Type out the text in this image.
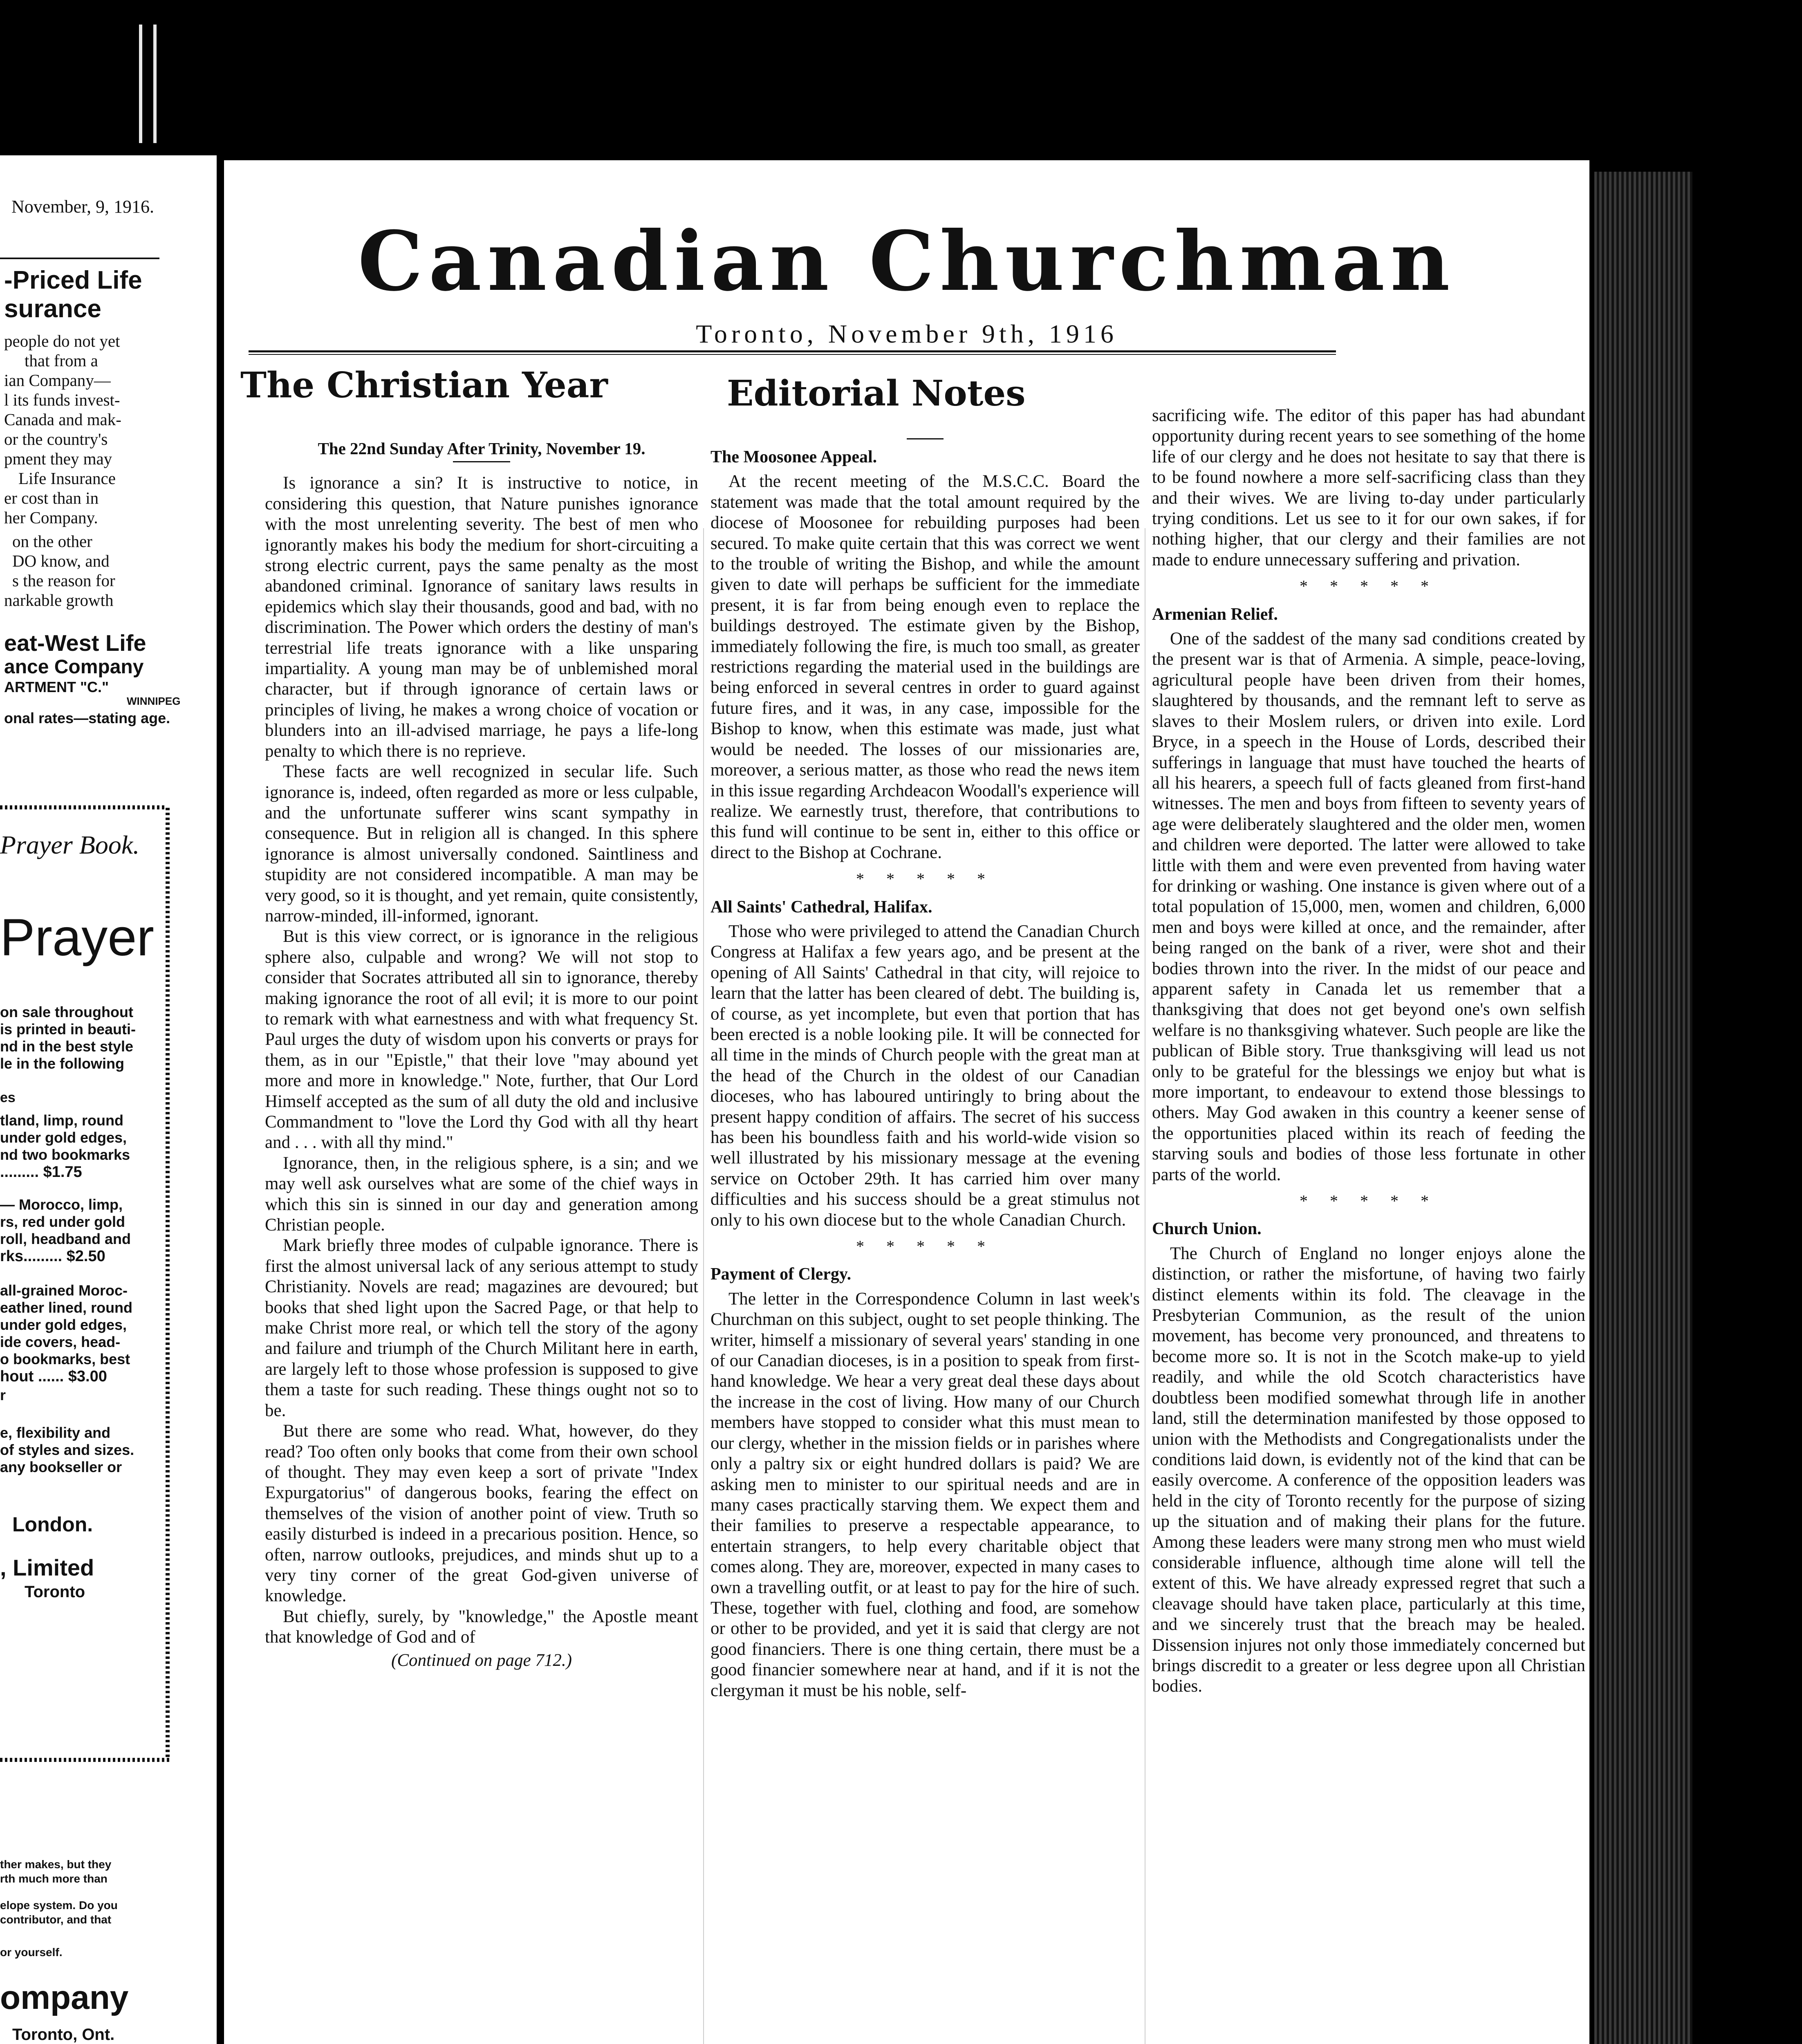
November, 9, 1916.
-Priced Life
surance
people do not yet
that from a
ian Company—
l its funds invest-
Canada and mak-
or the country's
pment they may
Life Insurance
er cost than in
her Company.
on the other
DO know, and
s the reason for
narkable growth
eat-West Life
ance Company
ARTMENT "C."
WINNIPEG
onal rates—stating age.
Prayer Book.
Prayer
on sale throughout
is printed in beauti-
nd in the best style
le in the following
es
tland, limp, round
under gold edges,
nd two bookmarks
......... $1.75
— Morocco, limp,
rs, red under gold
roll, headband and
rks......... $2.50
all-grained Moroc-
eather lined, round
under gold edges,
ide covers, head-
o bookmarks, best
hout ...... $3.00
r
e, flexibility and
of styles and sizes.
any bookseller or
London.
, Limited
Toronto
ther makes, but they
rth much more than
elope system. Do you
contributor, and that
or yourself.
ompany
Toronto, Ont.
Canadian Churchman
Toronto, November 9th, 1916
The Christian Year	Editorial Notes

The 22nd Sunday After Trinity, November 19.

Is ignorance a sin? It is instructive to notice, in considering this question, that Nature punishes ignorance with the most unrelenting severity. The best of men who ignorantly makes his body the medium for short-circuiting a strong electric current, pays the same penalty as the most abandoned criminal. Ignorance of sanitary laws results in epidemics which slay their thousands, good and bad, with no discrimination. The Power which orders the destiny of man's terrestrial life treats ignorance with a like unsparing impartiality. A young man may be of unblemished moral character, but if through ignorance of certain laws or principles of living, he makes a wrong choice of vocation or blunders into an ill-advised marriage, he pays a life-long penalty to which there is no reprieve.

These facts are well recognized in secular life. Such ignorance is, indeed, often regarded as more or less culpable, and the unfortunate sufferer wins scant sympathy in consequence. But in religion all is changed. In this sphere ignorance is almost universally condoned. Saintliness and stupidity are not considered incompatible. A man may be very good, so it is thought, and yet remain, quite consistently, narrow-minded, ill-informed, ignorant.

But is this view correct, or is ignorance in the religious sphere also, culpable and wrong? We will not stop to consider that Socrates attributed all sin to ignorance, thereby making ignorance the root of all evil; it is more to our point to remark with what earnestness and with what frequency St. Paul urges the duty of wisdom upon his converts or prays for them, as in our "Epistle," that their love "may abound yet more and more in knowledge." Note, further, that Our Lord Himself accepted as the sum of all duty the old and inclusive Commandment to "love the Lord thy God with all thy heart and . . . with all thy mind."

Ignorance, then, in the religious sphere, is a sin; and we may well ask ourselves what are some of the chief ways in which this sin is sinned in our day and generation among Christian people.

Mark briefly three modes of culpable ignorance. There is first the almost universal lack of any serious attempt to study Christianity. Novels are read; magazines are devoured; but books that shed light upon the Sacred Page, or that help to make Christ more real, or which tell the story of the agony and failure and triumph of the Church Militant here in earth, are largely left to those whose profession is supposed to give them a taste for such reading. These things ought not so to be.

But there are some who read. What, however, do they read? Too often only books that come from their own school of thought. They may even keep a sort of private "Index Expurgatorius" of dangerous books, fearing the effect on themselves of the vision of another point of view. Truth so easily disturbed is indeed in a precarious position. Hence, so often, narrow outlooks, prejudices, and minds shut up to a very tiny corner of the great God-given universe of knowledge.

But chiefly, surely, by "knowledge," the Apostle meant that knowledge of God and of

(Continued on page 712.)

The Moosonee Appeal.

At the recent meeting of the M.S.C.C. Board the statement was made that the total amount required by the diocese of Moosonee for rebuilding purposes had been secured. To make quite certain that this was correct we went to the trouble of writing the Bishop, and while the amount given to date will perhaps be sufficient for the immediate present, it is far from being enough even to replace the buildings destroyed. The estimate given by the Bishop, immediately following the fire, is much too small, as greater restrictions regarding the material used in the buildings are being enforced in several centres in order to guard against future fires, and it was, in any case, impossible for the Bishop to know, when this estimate was made, just what would be needed. The losses of our missionaries are, moreover, a serious matter, as those who read the news item in this issue regarding Archdeacon Woodall's experience will realize. We earnestly trust, therefore, that contributions to this fund will continue to be sent in, either to this office or direct to the Bishop at Cochrane.

* * * * *
All Saints' Cathedral, Halifax.

Those who were privileged to attend the Canadian Church Congress at Halifax a few years ago, and be present at the opening of All Saints' Cathedral in that city, will rejoice to learn that the latter has been cleared of debt. The building is, of course, as yet incomplete, but even that portion that has been erected is a noble looking pile. It will be connected for all time in the minds of Church people with the great man at the head of the Church in the oldest of our Canadian dioceses, who has laboured untiringly to bring about the present happy condition of affairs. The secret of his success has been his boundless faith and his world-wide vision so well illustrated by his missionary message at the evening service on October 29th. It has carried him over many difficulties and his success should be a great stimulus not only to his own diocese but to the whole Canadian Church.

* * * * *
Payment of Clergy.

The letter in the Correspondence Column in last week's Churchman on this subject, ought to set people thinking. The writer, himself a missionary of several years' standing in one of our Canadian dioceses, is in a position to speak from first-hand knowledge. We hear a very great deal these days about the increase in the cost of living. How many of our Church members have stopped to consider what this must mean to our clergy, whether in the mission fields or in parishes where only a paltry six or eight hundred dollars is paid? We are asking men to minister to our spiritual needs and are in many cases practically starving them. We expect them and their families to preserve a respectable appearance, to entertain strangers, to help every charitable object that comes along. They are, moreover, expected in many cases to own a travelling outfit, or at least to pay for the hire of such. These, together with fuel, clothing and food, are somehow or other to be provided, and yet it is said that clergy are not good financiers. There is one thing certain, there must be a good financier somewhere near at hand, and if it is not the clergyman it must be his noble, self-

sacrificing wife. The editor of this paper has had abundant opportunity during recent years to see something of the home life of our clergy and he does not hesitate to say that there is to be found nowhere a more self-sacrificing class than they and their wives. We are living to-day under particularly trying conditions. Let us see to it for our own sakes, if for nothing higher, that our clergy and their families are not made to endure unnecessary suffering and privation.

* * * * *
Armenian Relief.

One of the saddest of the many sad conditions created by the present war is that of Armenia. A simple, peace-loving, agricultural people have been driven from their homes, slaughtered by thousands, and the remnant left to serve as slaves to their Moslem rulers, or driven into exile. Lord Bryce, in a speech in the House of Lords, described their sufferings in language that must have touched the hearts of all his hearers, a speech full of facts gleaned from first-hand witnesses. The men and boys from fifteen to seventy years of age were deliberately slaughtered and the older men, women and children were deported. The latter were allowed to take little with them and were even prevented from having water for drinking or washing. One instance is given where out of a total population of 15,000, men, women and children, 6,000 men and boys were killed at once, and the remainder, after being ranged on the bank of a river, were shot and their bodies thrown into the river. In the midst of our peace and apparent safety in Canada let us remember that a thanksgiving that does not get beyond one's own selfish welfare is no thanksgiving whatever. Such people are like the publican of Bible story. True thanksgiving will lead us not only to be grateful for the blessings we enjoy but what is more important, to endeavour to extend those blessings to others. May God awaken in this country a keener sense of the opportunities placed within its reach of feeding the starving souls and bodies of those less fortunate in other parts of the world.

* * * * *
Church Union.

The Church of England no longer enjoys alone the distinction, or rather the misfortune, of having two fairly distinct elements within its fold. The cleavage in the Presbyterian Communion, as the result of the union movement, has become very pronounced, and threatens to become more so. It is not in the Scotch make-up to yield readily, and while the old Scotch characteristics have doubtless been modified somewhat through life in another land, still the determination manifested by those opposed to union with the Methodists and Congregationalists under the conditions laid down, is evidently not of the kind that can be easily overcome. A conference of the opposition leaders was held in the city of Toronto recently for the purpose of sizing up the situation and of making their plans for the future. Among these leaders were many strong men who must wield considerable influence, although time alone will tell the extent of this. We have already expressed regret that such a cleavage should have taken place, particularly at this time, and we sincerely trust that the breach may be healed. Dissension injures not only those immediately concerned but brings discredit to a greater or less degree upon all Christian bodies.
